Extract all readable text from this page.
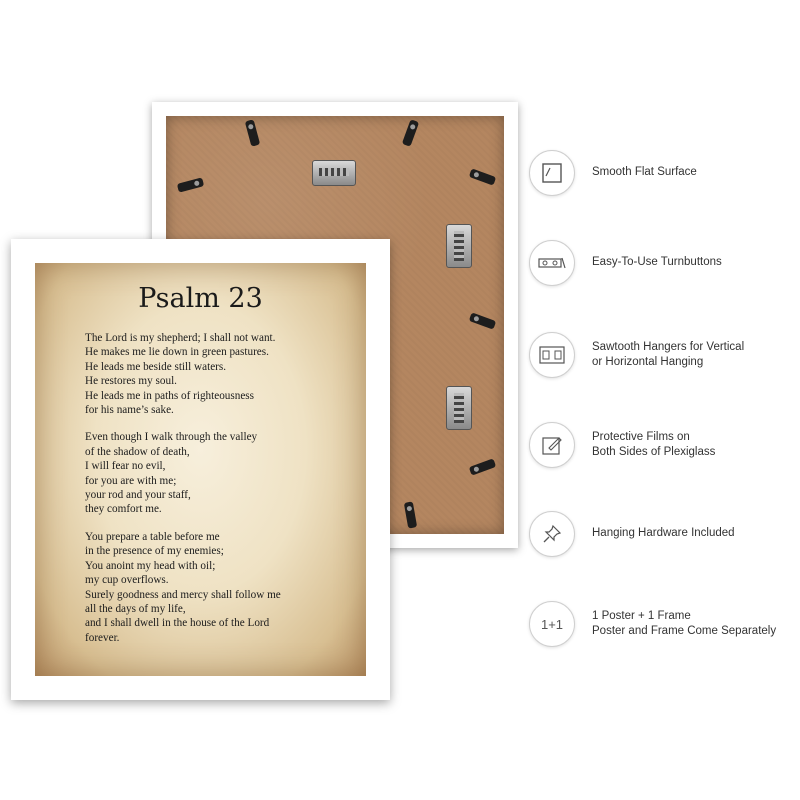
Psalm 23
The Lord is my shepherd; I shall not want.
He makes me lie down in green pastures.
He leads me beside still waters.
He restores my soul.
He leads me in paths of righteousness
for his name’s sake.
Even though I walk through the valley
of the shadow of death,
I will fear no evil,
for you are with me;
your rod and your staff,
they comfort me.
You prepare a table before me
in the presence of my enemies;
You anoint my head with oil;
my cup overflows.
Surely goodness and mercy shall follow me
all the days of my life,
and I shall dwell in the house of the Lord
forever.
Smooth Flat Surface
Easy-To-Use Turnbuttons
Sawtooth Hangers for Vertical
or Horizontal Hanging
Protective Films on
Both Sides of Plexiglass
Hanging Hardware Included
1+1
1 Poster + 1 Frame
Poster and Frame Come Separately
